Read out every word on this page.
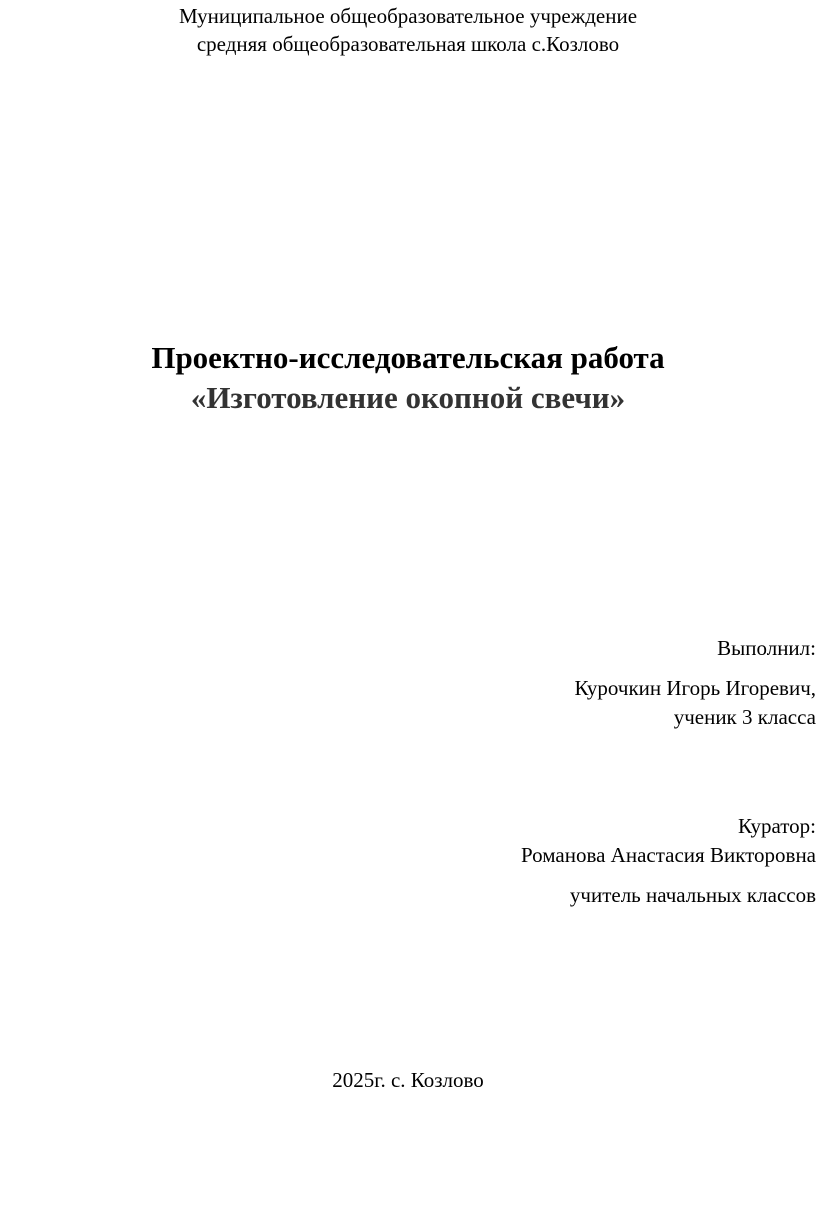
Муниципальное общеобразовательное учреждение
средняя общеобразовательная школа с.Козлово
Проектно-исследовательская работа
«Изготовление окопной свечи»
Выполнил:
Курочкин Игорь Игоревич,
ученик 3 класса
Куратор:
Романова Анастасия Викторовна
учитель начальных классов
2025г. с. Козлово
